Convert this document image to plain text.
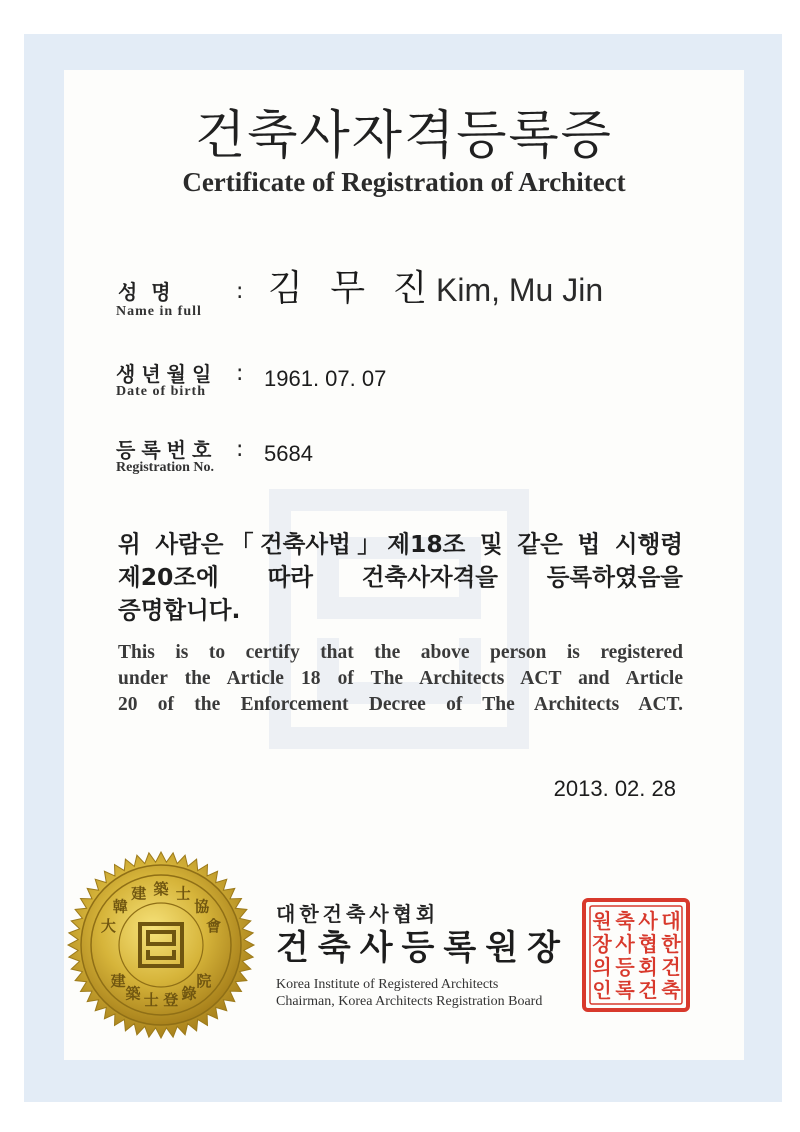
건축사자격등록증
Certificate of Registration of Architect
성  명	:
Name in full
김 무 진 Kim, Mu Jin
생년월일 :
Date of birth
1961. 07. 07
등록번호 :
Registration No.
5684
위 사람은「건축사법」제18조 및 같은 법 시행령
제20조에 따라 건축사자격을 등록하였음을
증명합니다.
This is to certify that the above person is registered
under the Article 18 of The Architects ACT and Article
20 of the Enforcement Decree of The Architects ACT.
2013. 02. 28
大
韓
建 築 士
協
會
建
築 士 登 錄
院
대한건축사협회
건축사등록원장
Korea Institute of Registered Architects
Chairman, Korea Architects Registration Board
대
한
건
축
사
협
회
건
축
사
등
록
원
장
의
인
